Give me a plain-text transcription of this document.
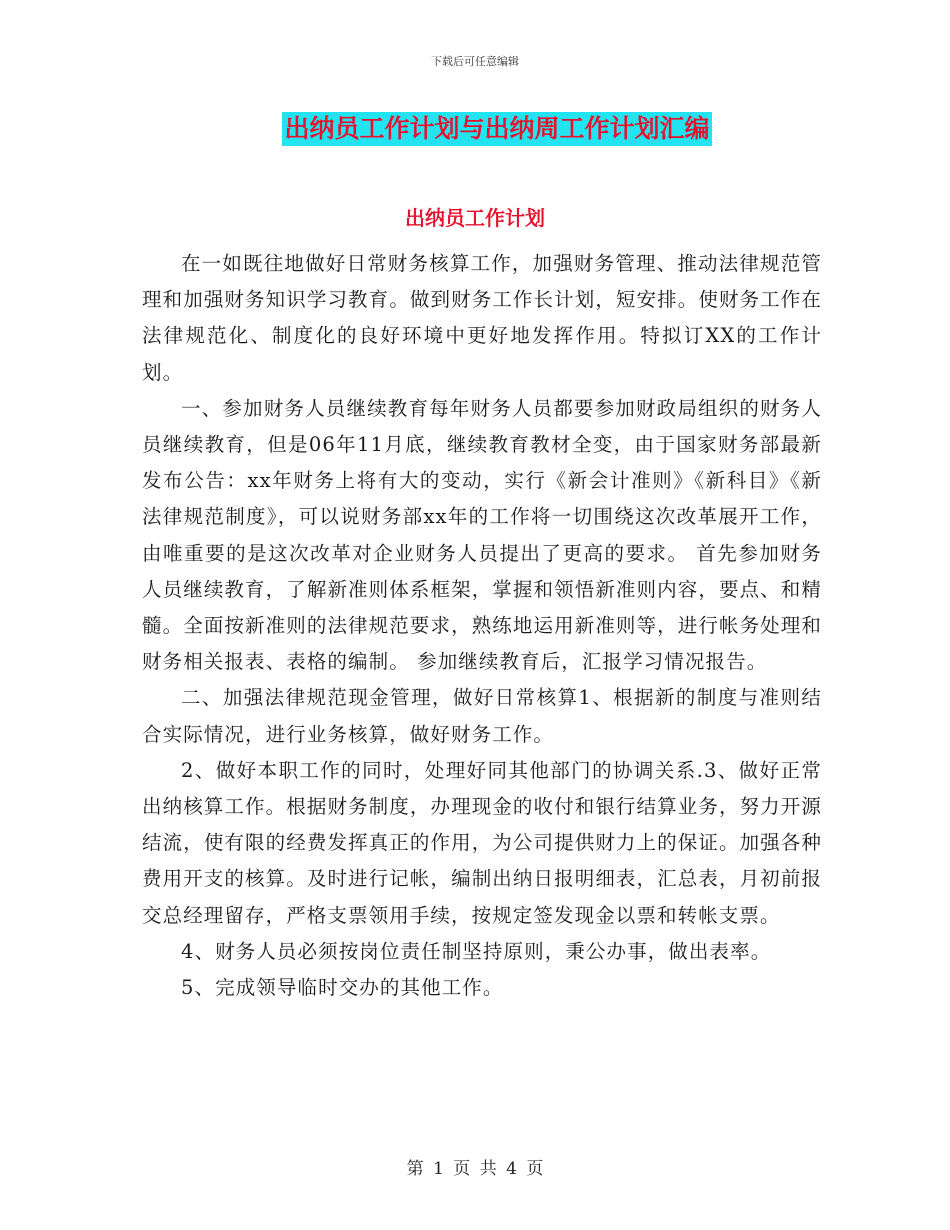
下载后可任意编辑
出纳员工作计划与出纳周工作计划汇编
出纳员工作计划

在一如既往地做好日常财务核算工作，加强财务管理、推动法律规范管理和加强财务知识学习教育。做到财务工作长计划，短安排。使财务工作在法律规范化、制度化的良好环境中更好地发挥作用。特拟订XX的工作计划。

一、参加财务人员继续教育每年财务人员都要参加财政局组织的财务人员继续教育，但是06年11月底，继续教育教材全变，由于国家财务部最新发布公告：xx年财务上将有大的变动，实行《新会计准则》《新科目》《新法律规范制度》，可以说财务部xx年的工作将一切围绕这次改革展开工作，由唯重要的是这次改革对企业财务人员提出了更高的要求。 首先参加财务人员继续教育，了解新准则体系框架，掌握和领悟新准则内容，要点、和精髓。全面按新准则的法律规范要求，熟练地运用新准则等，进行帐务处理和财务相关报表、表格的编制。 参加继续教育后，汇报学习情况报告。

二、加强法律规范现金管理，做好日常核算1、根据新的制度与准则结合实际情况，进行业务核算，做好财务工作。

2、做好本职工作的同时，处理好同其他部门的协调关系.3、做好正常出纳核算工作。根据财务制度，办理现金的收付和银行结算业务，努力开源结流，使有限的经费发挥真正的作用，为公司提供财力上的保证。加强各种费用开支的核算。及时进行记帐，编制出纳日报明细表，汇总表，月初前报交总经理留存，严格支票领用手续，按规定签发现金以票和转帐支票。

4、财务人员必须按岗位责任制坚持原则，秉公办事，做出表率。

5、完成领导临时交办的其他工作。

第 1 页 共 4 页
